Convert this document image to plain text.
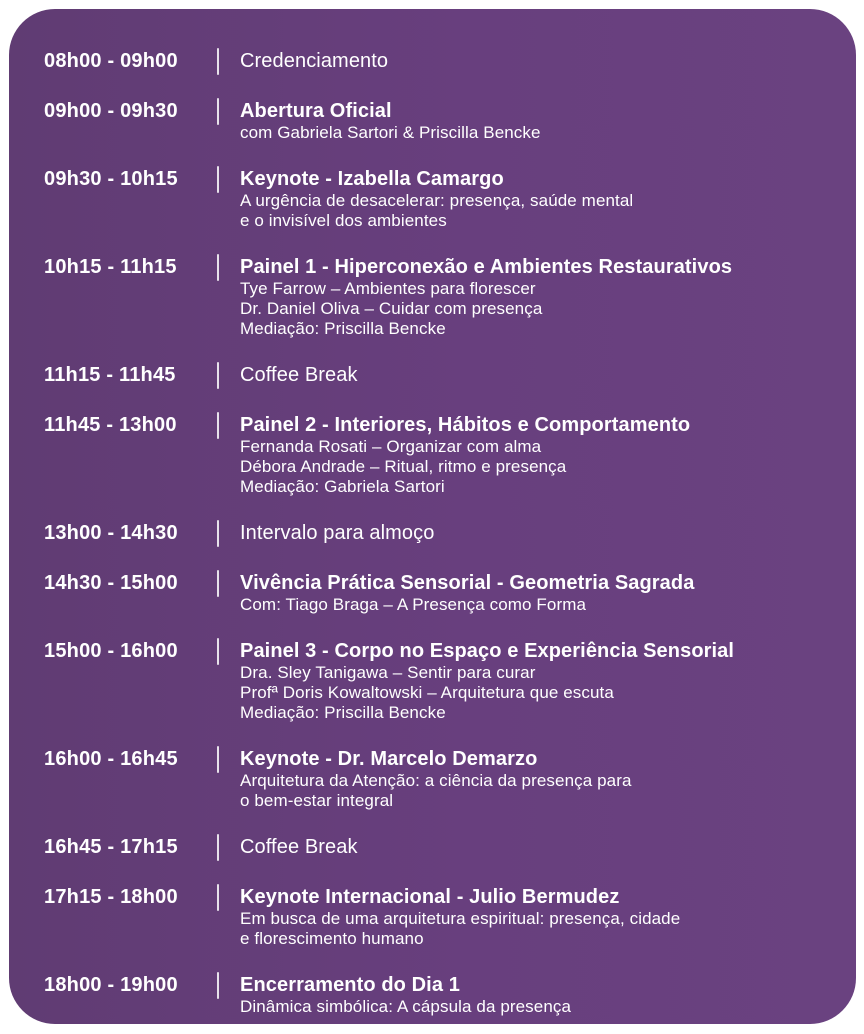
08h00 - 09h00	Credenciamento
09h00 - 09h30	Abertura Oficial
com Gabriela Sartori & Priscilla Bencke
09h30 - 10h15	Keynote - Izabella Camargo
A urgência de desacelerar: presença, saúde mental
e o invisível dos ambientes
10h15 - 11h15	Painel 1 - Hiperconexão e Ambientes Restaurativos
Tye Farrow – Ambientes para florescer
Dr. Daniel Oliva – Cuidar com presença
Mediação: Priscilla Bencke
11h15 - 11h45	Coffee Break
11h45 - 13h00	Painel 2 - Interiores, Hábitos e Comportamento
Fernanda Rosati – Organizar com alma
Débora Andrade – Ritual, ritmo e presença
Mediação: Gabriela Sartori
13h00 - 14h30	Intervalo para almoço
14h30 - 15h00	Vivência Prática Sensorial - Geometria Sagrada
Com: Tiago Braga – A Presença como Forma
15h00 - 16h00	Painel 3 - Corpo no Espaço e Experiência Sensorial
Dra. Sley Tanigawa – Sentir para curar
Profª Doris Kowaltowski – Arquitetura que escuta
Mediação: Priscilla Bencke
16h00 - 16h45	Keynote - Dr. Marcelo Demarzo
Arquitetura da Atenção: a ciência da presença para
o bem-estar integral
16h45 - 17h15	Coffee Break
17h15 - 18h00	Keynote Internacional - Julio Bermudez
Em busca de uma arquitetura espiritual: presença, cidade
e florescimento humano
18h00 - 19h00	Encerramento do Dia 1
Dinâmica simbólica: A cápsula da presença
